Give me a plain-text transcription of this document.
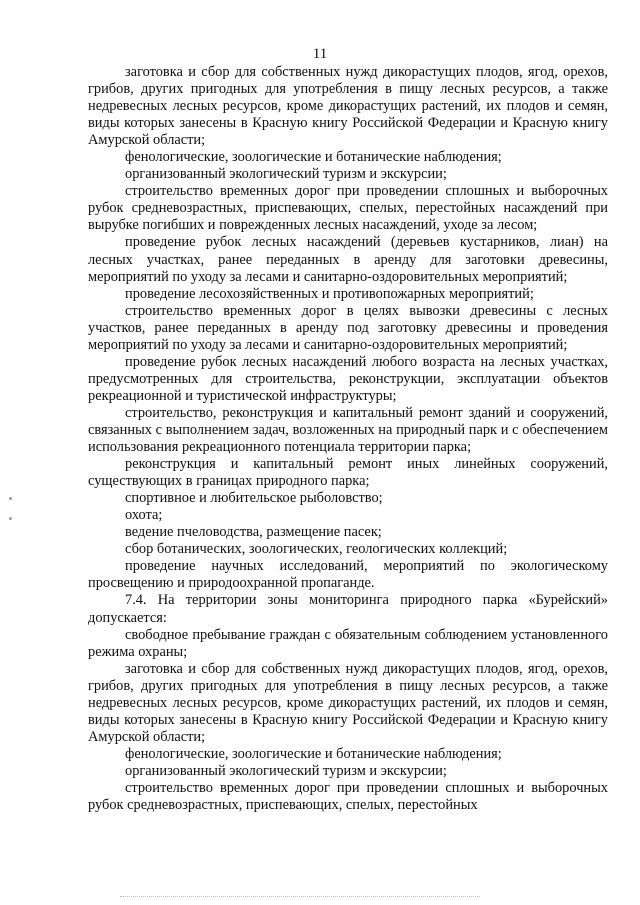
11

заготовка и сбор для собственных нужд дикорастущих плодов, ягод, орехов, грибов, других пригодных для употребления в пищу лесных ресурсов, а также недревесных лесных ресурсов, кроме дикорастущих растений, их плодов и семян, виды которых занесены в Красную книгу Российской Федерации и Красную книгу Амурской области;

фенологические, зоологические и ботанические наблюдения;

организованный экологический туризм и экскурсии;

строительство временных дорог при проведении сплошных и выборочных рубок средневозрастных, приспевающих, спелых, перестойных насаждений при вырубке погибших и поврежденных лесных насаждений, уходе за лесом;

проведение рубок лесных насаждений (деревьев кустарников, лиан) на лесных участках, ранее переданных в аренду для заготовки древесины, мероприятий по уходу за лесами и санитарно-оздоровительных мероприятий;

проведение лесохозяйственных и противопожарных мероприятий;

строительство временных дорог в целях вывозки древесины с лесных участков, ранее переданных в аренду под заготовку древесины и проведения мероприятий по уходу за лесами и санитарно-оздоровительных мероприятий;

проведение рубок лесных насаждений любого возраста на лесных участках, предусмотренных для строительства, реконструкции, эксплуатации объектов рекреационной и туристической инфраструктуры;

строительство, реконструкция и капитальный ремонт зданий и сооружений, связанных с выполнением задач, возложенных на природный парк и с обеспечением использования рекреационного потенциала территории парка;

реконструкция и капитальный ремонт иных линейных сооружений, существующих в границах природного парка;

спортивное и любительское рыболовство;

охота;

ведение пчеловодства, размещение пасек;

сбор ботанических, зоологических, геологических коллекций;

проведение научных исследований, мероприятий по экологическому просвещению и природоохранной пропаганде.

7.4. На территории зоны мониторинга природного парка «Бурейский» допускается:

свободное пребывание граждан с обязательным соблюдением установленного режима охраны;

заготовка и сбор для собственных нужд дикорастущих плодов, ягод, орехов, грибов, других пригодных для употребления в пищу лесных ресурсов, а также недревесных лесных ресурсов, кроме дикорастущих растений, их плодов и семян, виды которых занесены в Красную книгу Российской Федерации и Красную книгу Амурской области;

фенологические, зоологические и ботанические наблюдения;

организованный экологический туризм и экскурсии;

строительство временных дорог при проведении сплошных и выборочных рубок средневозрастных, приспевающих, спелых, перестойных
